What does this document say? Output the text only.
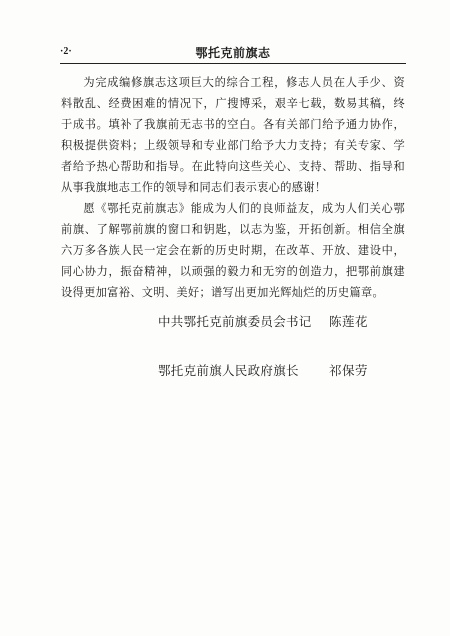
·2·	鄂托克前旗志

为完成编修旗志这项巨大的综合工程，修志人员在人手少、资料散乱、经费困难的情况下，广搜博采，艰辛七载，数易其稿，终于成书。填补了我旗前无志书的空白。各有关部门给予通力协作，积极提供资料；上级领导和专业部门给予大力支持；有关专家、学者给予热心帮助和指导。在此特向这些关心、支持、帮助、指导和从事我旗地志工作的领导和同志们表示衷心的感谢！

愿《鄂托克前旗志》能成为人们的良师益友，成为人们关心鄂前旗、了解鄂前旗的窗口和钥匙，以志为鉴，开拓创新。相信全旗六万多各族人民一定会在新的历史时期，在改革、开放、建设中，同心协力，振奋精神，以顽强的毅力和无穷的创造力，把鄂前旗建设得更加富裕、文明、美好；谱写出更加光辉灿烂的历史篇章。

中共鄂托克前旗委员会书记 陈莲花
鄂托克前旗人民政府旗长 祁保劳
